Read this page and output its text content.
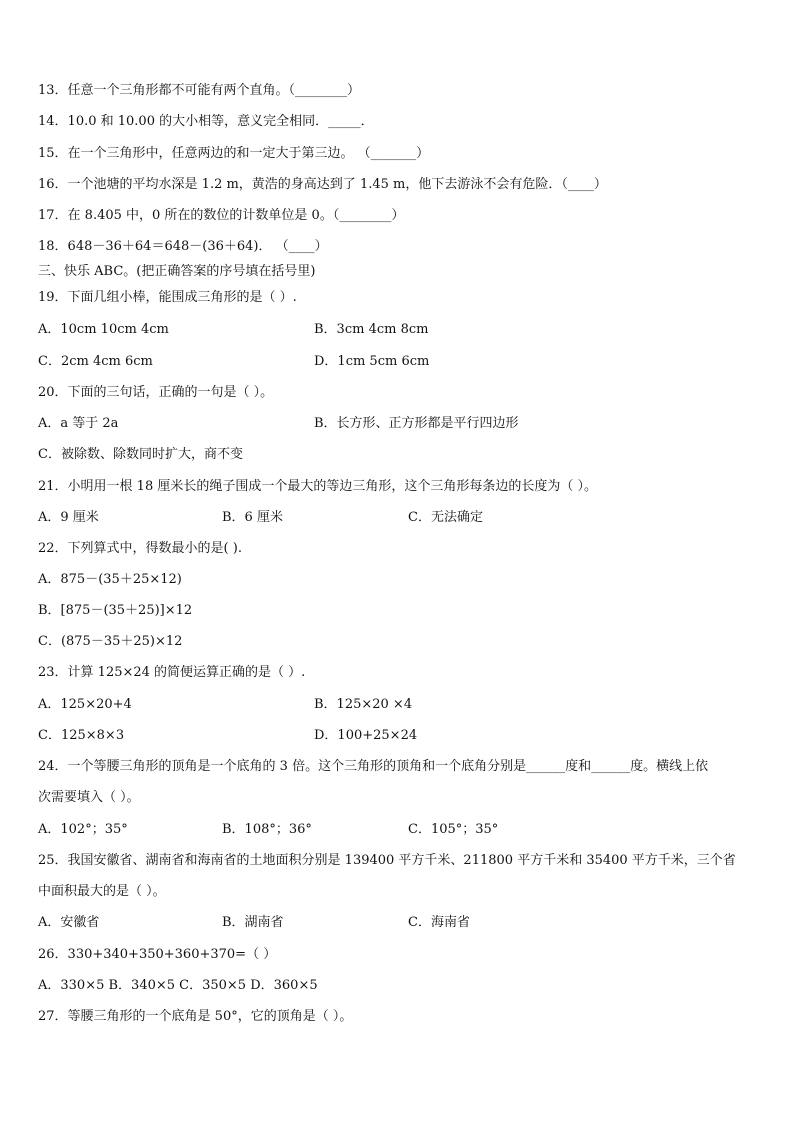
13．任意一个三角形都不可能有两个直角。（________）
14．10.0 和 10.00 的大小相等，意义完全相同．_____．
15．在一个三角形中，任意两边的和一定大于第三边。 （_______）
16．一个池塘的平均水深是 1.2 m，黄浩的身高达到了 1.45 m，他下去游泳不会有危险．（____）
17．在 8.405 中，0 所在的数位的计数单位是 0。（________）
18．648－36＋64＝648－(36＋64)． （____）
三、快乐 ABC。(把正确答案的序号填在括号里)
19．下面几组小棒，能围成三角形的是（ ）.
A．10cm 10cm 4cm	B．3cm 4cm 8cm
C．2cm 4cm 6cm	D．1cm 5cm 6cm
20．下面的三句话，正确的一句是（ ）。
A．a 等于 2a	B．长方形、正方形都是平行四边形
C．被除数、除数同时扩大，商不变
21．小明用一根 18 厘米长的绳子围成一个最大的等边三角形，这个三角形每条边的长度为（ ）。
A．9 厘米	B．6 厘米	C．无法确定
22．下列算式中，得数最小的是( ).
A．875－(35＋25×12)
B．[875－(35＋25)]×12
C．(875－35＋25)×12
23．计算 125×24 的简便运算正确的是（ ）.
A．125×20+4	B．125×20 ×4
C．125×8×3	D．100+25×24
24．一个等腰三角形的顶角是一个底角的 3 倍。这个三角形的顶角和一个底角分别是______度和______度。横线上依
次需要填入（ ）。
A．102°；35°	B．108°；36°	C．105°；35°
25．我国安徽省、湖南省和海南省的土地面积分别是 139400 平方千米、211800 平方千米和 35400 平方千米，三个省
中面积最大的是（ ）。
A．安徽省	B．湖南省	C．海南省
26．330+340+350+360+370=（ ）
A．330×5 B．340×5 C．350×5 D．360×5
27．等腰三角形的一个底角是 50°，它的顶角是（ ）。
